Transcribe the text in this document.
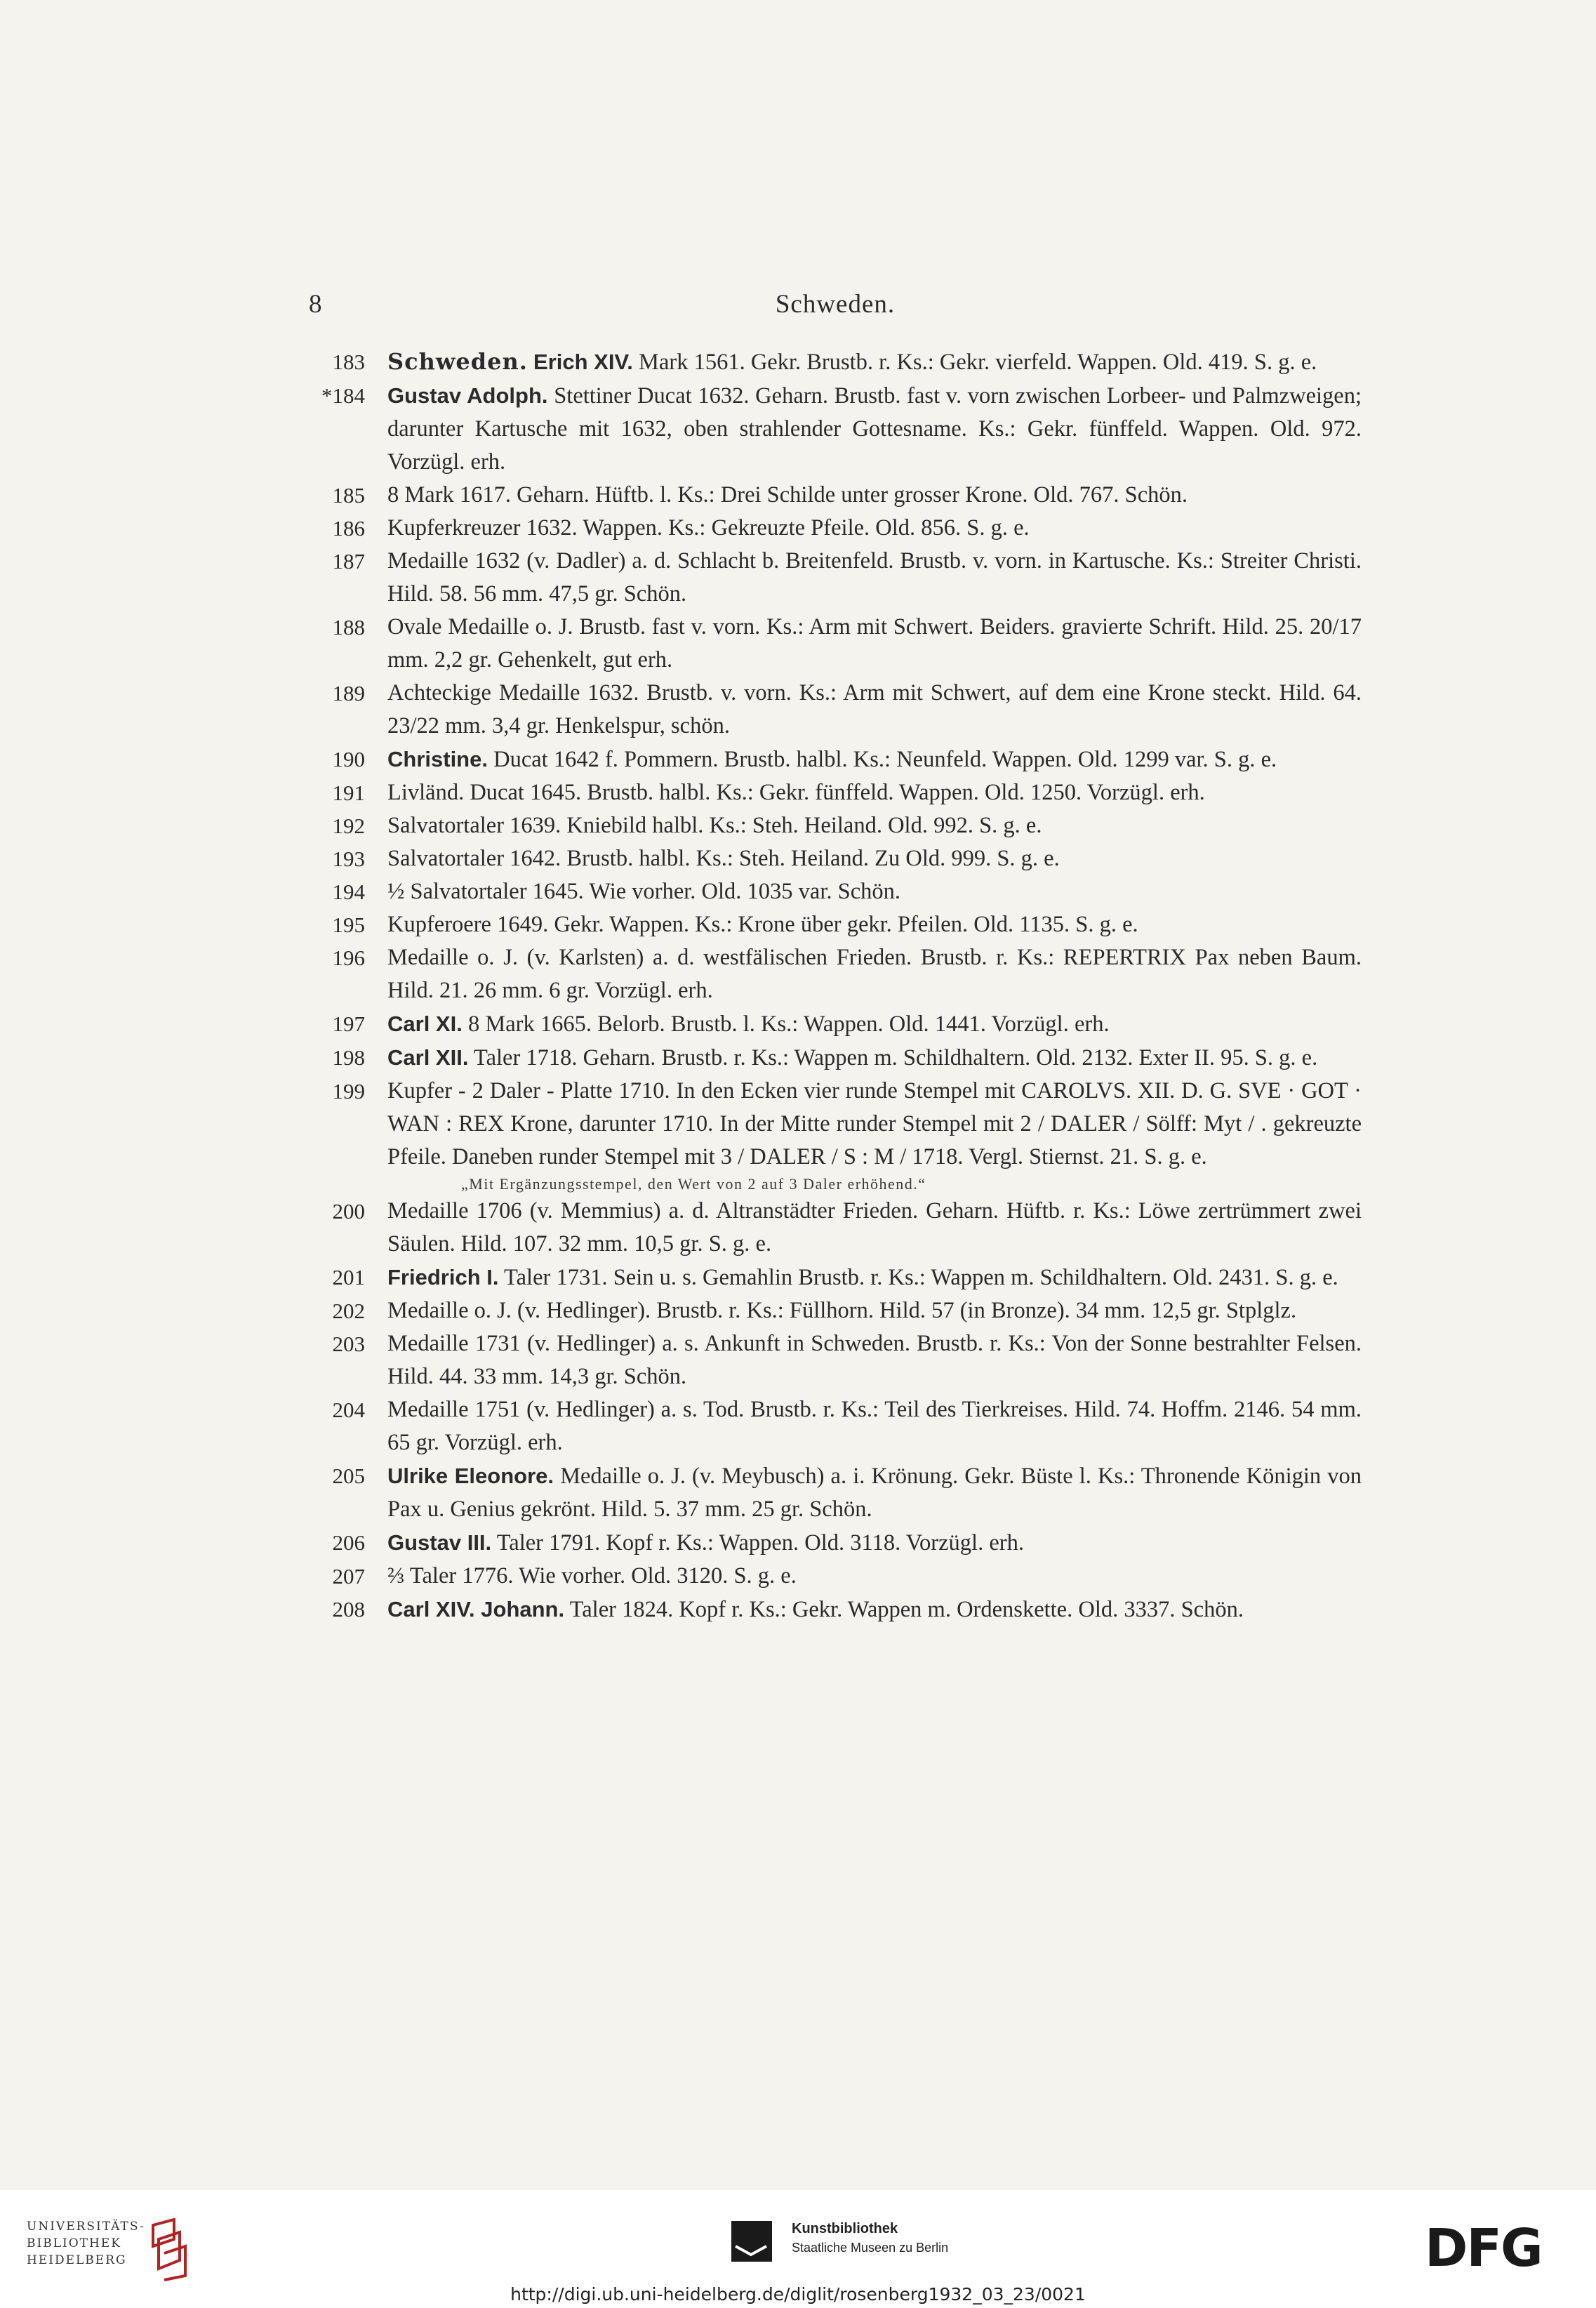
8	Schweden.
183 Schweden. Erich XIV. Mark 1561. Gekr. Brustb. r. Ks.: Gekr. vierfeld. Wappen. Old. 419. S. g. e.
*184 Gustav Adolph. Stettiner Ducat 1632. Geharn. Brustb. fast v. vorn zwischen Lorbeer- und Palmzweigen; darunter Kartusche mit 1632, oben strahlender Gottesname. Ks.: Gekr. fünffeld. Wappen. Old. 972. Vorzügl. erh.
185 8 Mark 1617. Geharn. Hüftb. l. Ks.: Drei Schilde unter grosser Krone. Old. 767. Schön.
186 Kupferkreuzer 1632. Wappen. Ks.: Gekreuzte Pfeile. Old. 856. S. g. e.
187 Medaille 1632 (v. Dadler) a. d. Schlacht b. Breitenfeld. Brustb. v. vorn. in Kartusche. Ks.: Streiter Christi. Hild. 58. 56 mm. 47,5 gr. Schön.
188 Ovale Medaille o. J. Brustb. fast v. vorn. Ks.: Arm mit Schwert. Beiders. gravierte Schrift. Hild. 25. 20/17 mm. 2,2 gr. Gehenkelt, gut erh.
189 Achteckige Medaille 1632. Brustb. v. vorn. Ks.: Arm mit Schwert, auf dem eine Krone steckt. Hild. 64. 23/22 mm. 3,4 gr. Henkelspur, schön.
190 Christine. Ducat 1642 f. Pommern. Brustb. halbl. Ks.: Neunfeld. Wappen. Old. 1299 var. S. g. e.
191 Livländ. Ducat 1645. Brustb. halbl. Ks.: Gekr. fünffeld. Wappen. Old. 1250. Vorzügl. erh.
192 Salvatortaler 1639. Kniebild halbl. Ks.: Steh. Heiland. Old. 992. S. g. e.
193 Salvatortaler 1642. Brustb. halbl. Ks.: Steh. Heiland. Zu Old. 999. S. g. e.
194 ½ Salvatortaler 1645. Wie vorher. Old. 1035 var. Schön.
195 Kupferoere 1649. Gekr. Wappen. Ks.: Krone über gekr. Pfeilen. Old. 1135. S. g. e.
196 Medaille o. J. (v. Karlsten) a. d. westfälischen Frieden. Brustb. r. Ks.: REPERTRIX Pax neben Baum. Hild. 21. 26 mm. 6 gr. Vorzügl. erh.
197 Carl XI. 8 Mark 1665. Belorb. Brustb. l. Ks.: Wappen. Old. 1441. Vorzügl. erh.
198 Carl XII. Taler 1718. Geharn. Brustb. r. Ks.: Wappen m. Schildhaltern. Old. 2132. Exter II. 95. S. g. e.
199 Kupfer - 2 Daler - Platte 1710. In den Ecken vier runde Stempel mit CAROLVS. XII. D. G. SVE · GOT · WAN : REX Krone, darunter 1710. In der Mitte runder Stempel mit 2 / DALER / Sölff: Myt / . gekreuzte Pfeile. Daneben runder Stempel mit 3 / DALER / S : M / 1718. Vergl. Stiernst. 21. S. g. e.
„Mit Ergänzungsstempel, den Wert von 2 auf 3 Daler erhöhend.“
200 Medaille 1706 (v. Memmius) a. d. Altranstädter Frieden. Geharn. Hüftb. r. Ks.: Löwe zertrümmert zwei Säulen. Hild. 107. 32 mm. 10,5 gr. S. g. e.
201 Friedrich I. Taler 1731. Sein u. s. Gemahlin Brustb. r. Ks.: Wappen m. Schildhaltern. Old. 2431. S. g. e.
202 Medaille o. J. (v. Hedlinger). Brustb. r. Ks.: Füllhorn. Hild. 57 (in Bronze). 34 mm. 12,5 gr. Stplglz.
203 Medaille 1731 (v. Hedlinger) a. s. Ankunft in Schweden. Brustb. r. Ks.: Von der Sonne bestrahlter Felsen. Hild. 44. 33 mm. 14,3 gr. Schön.
204 Medaille 1751 (v. Hedlinger) a. s. Tod. Brustb. r. Ks.: Teil des Tierkreises. Hild. 74. Hoffm. 2146. 54 mm. 65 gr. Vorzügl. erh.
205 Ulrike Eleonore. Medaille o. J. (v. Meybusch) a. i. Krönung. Gekr. Büste l. Ks.: Thronende Königin von Pax u. Genius gekrönt. Hild. 5. 37 mm. 25 gr. Schön.
206 Gustav III. Taler 1791. Kopf r. Ks.: Wappen. Old. 3118. Vorzügl. erh.
207 ⅔ Taler 1776. Wie vorher. Old. 3120. S. g. e.
208 Carl XIV. Johann. Taler 1824. Kopf r. Ks.: Gekr. Wappen m. Ordenskette. Old. 3337. Schön.
UNIVERSITÄTS-
BIBLIOTHEK
HEIDELBERG
Kunstbibliothek
Staatliche Museen zu Berlin	DFG
http://digi.ub.uni-heidelberg.de/diglit/rosenberg1932_03_23/0021
